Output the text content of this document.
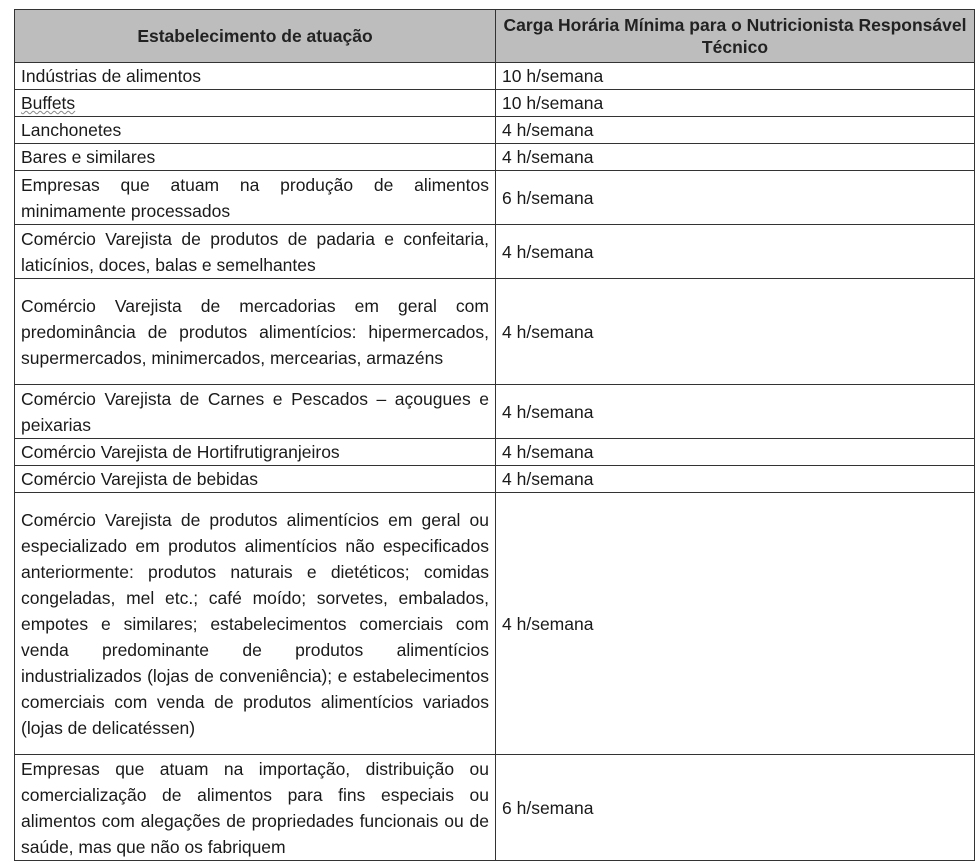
Estabelecimento de atuação	Carga Horária Mínima para o Nutricionista Responsável Técnico
Indústrias de alimentos	10 h/semana
Buffets	10 h/semana
Lanchonetes	4 h/semana
Bares e similares	4 h/semana
Empresas que atuam na produção de alimentos minimamente processados	6 h/semana
Comércio Varejista de produtos de padaria e confeitaria, laticínios, doces, balas e semelhantes	4 h/semana
Comércio Varejista de mercadorias em geral com predominância de produtos alimentícios: hipermercados, supermercados, minimercados, mercearias, armazéns	4 h/semana
Comércio Varejista de Carnes e Pescados – açougues e peixarias	4 h/semana
Comércio Varejista de Hortifrutigranjeiros	4 h/semana
Comércio Varejista de bebidas	4 h/semana
Comércio Varejista de produtos alimentícios em geral ou especializado em produtos alimentícios não especificados anteriormente: produtos naturais e dietéticos; comidas congeladas, mel etc.; café moído; sorvetes, embalados, empotes e similares; estabelecimentos comerciais com venda predominante de produtos alimentícios industrializados (lojas de conveniência); e estabelecimentos comerciais com venda de produtos alimentícios variados (lojas de delicatéssen)	4 h/semana
Empresas que atuam na importação, distribuição ou comercialização de alimentos para fins especiais ou alimentos com alegações de propriedades funcionais ou de saúde, mas que não os fabriquem	6 h/semana
